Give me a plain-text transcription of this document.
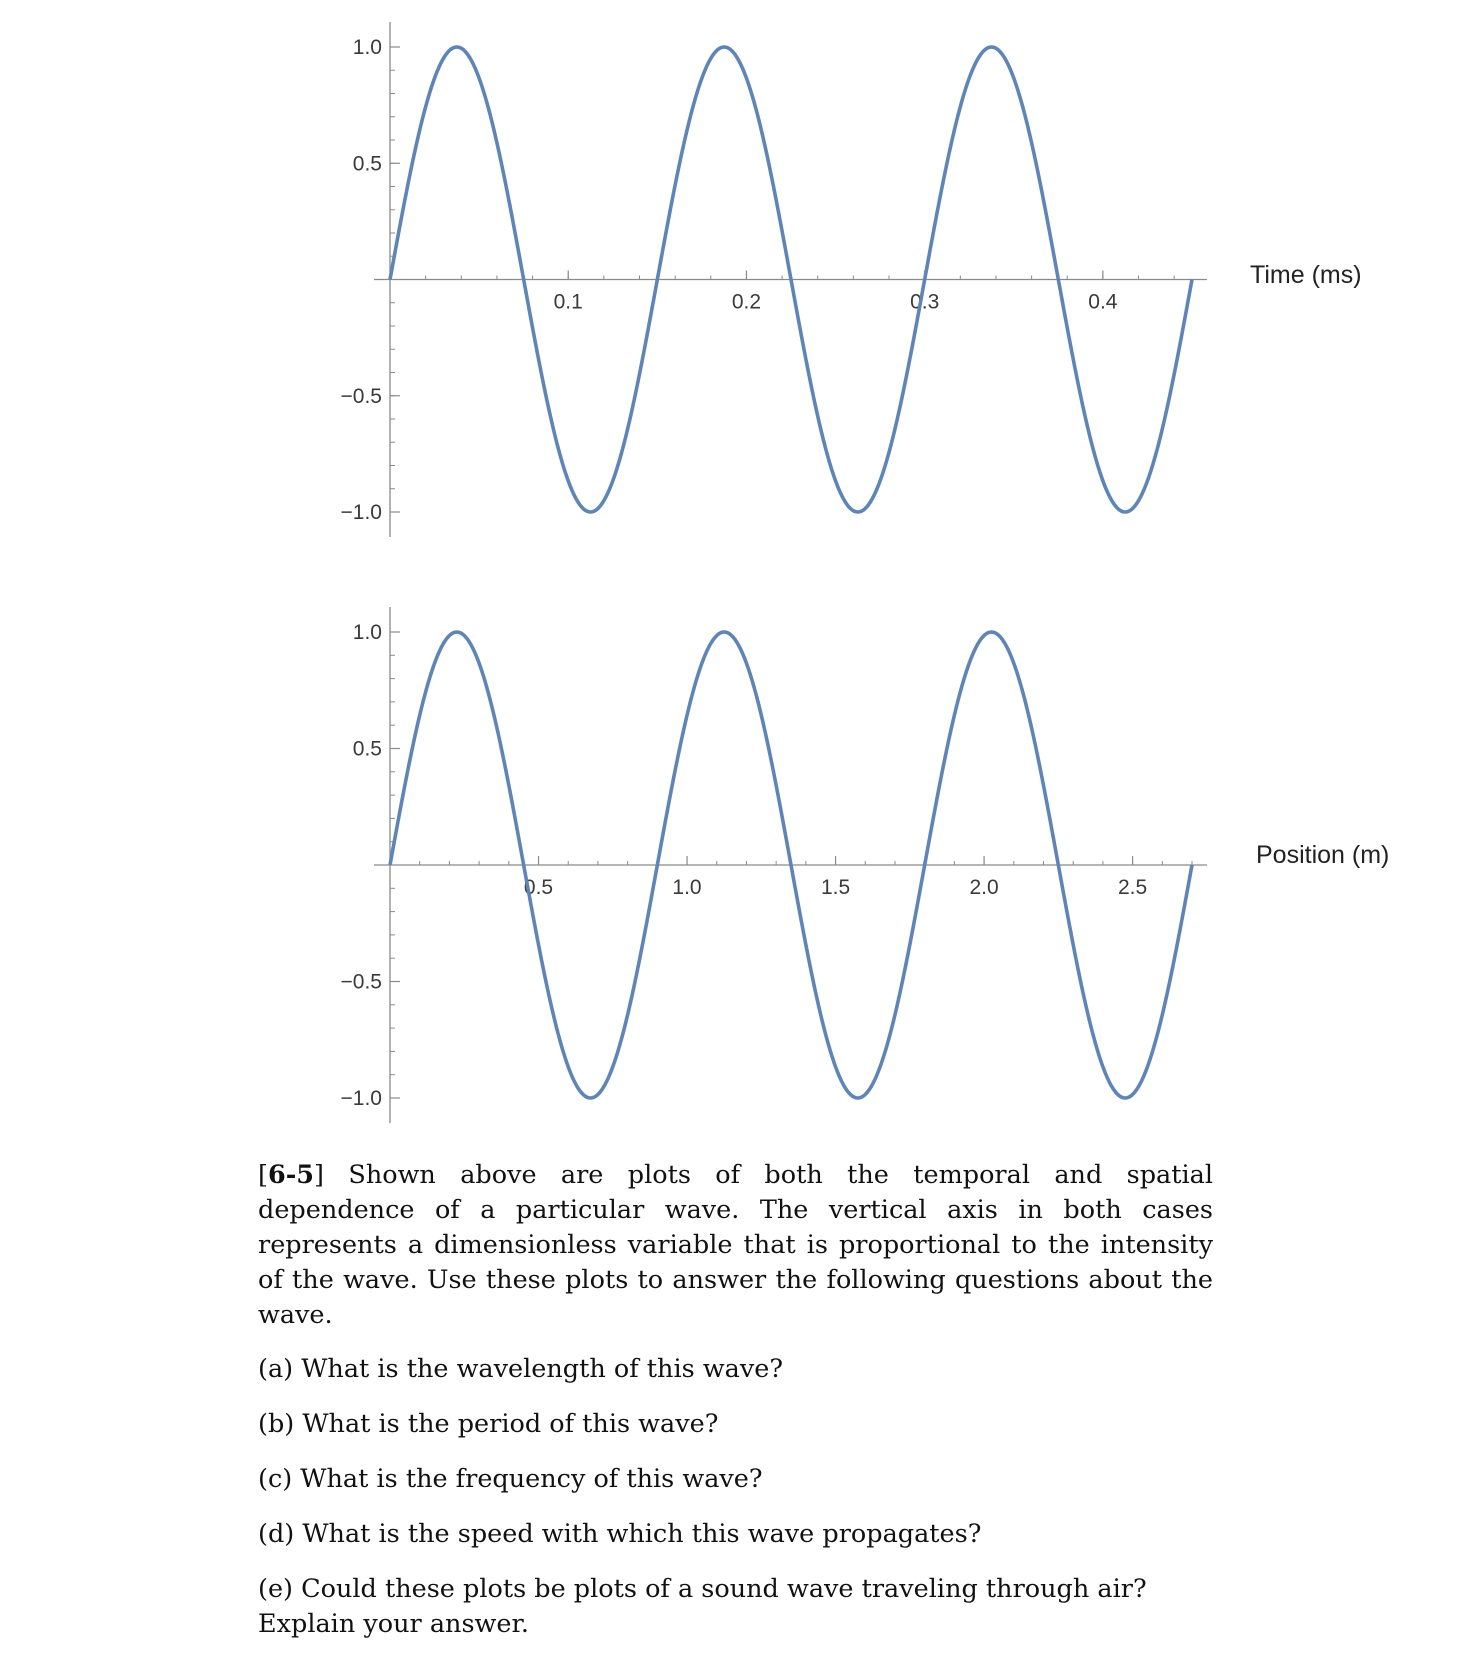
1.0
0.5
−0.5
−1.0
0.1	0.2	0.3	0.4
Time (ms)
1.0
0.5
−0.5
−1.0
0.5	1.0	1.5	2.0	2.5
Position (m)

[6-5] Shown above are plots of both the temporal and spatial dependence of a particular wave. The vertical axis in both cases represents a dimensionless variable that is proportional to the intensity of the wave. Use these plots to answer the following questions about the wave.

(a) What is the wavelength of this wave?

(b) What is the period of this wave?

(c) What is the frequency of this wave?

(d) What is the speed with which this wave propagates?

(e) Could these plots be plots of a sound wave traveling through air? Explain your answer.
